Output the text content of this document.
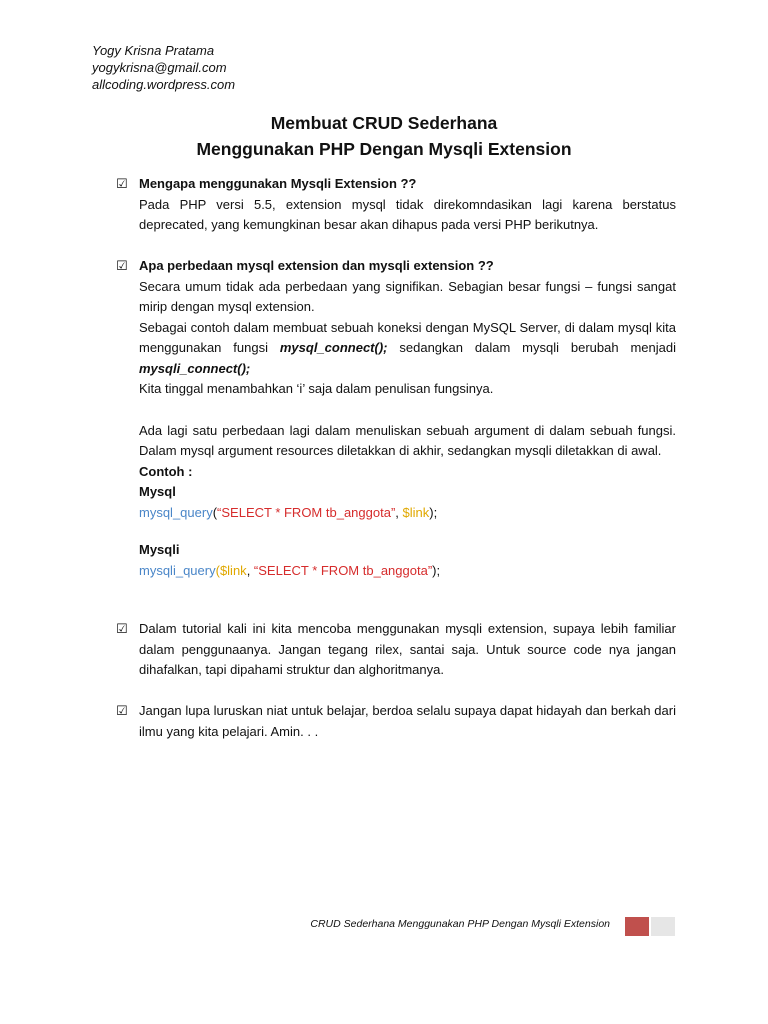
Yogy Krisna Pratama
yogykrisna@gmail.com
allcoding.wordpress.com
Membuat CRUD Sederhana
Menggunakan PHP Dengan Mysqli Extension
☑ Mengapa menggunakan Mysqli Extension ??

Pada PHP versi 5.5, extension mysql tidak direkomndasikan lagi karena berstatus deprecated, yang kemungkinan besar akan dihapus pada versi PHP berikutnya.

☑ Apa perbedaan mysql extension dan mysqli extension ??

Secara umum tidak ada perbedaan yang signifikan. Sebagian besar fungsi – fungsi sangat mirip dengan mysql extension.

Sebagai contoh dalam membuat sebuah koneksi dengan MySQL Server, di dalam mysql kita menggunakan fungsi mysql_connect(); sedangkan dalam mysqli berubah menjadi mysqli_connect();

Kita tinggal menambahkan ‘i’ saja dalam penulisan fungsinya.

Ada lagi satu perbedaan lagi dalam menuliskan sebuah argument di dalam sebuah fungsi. Dalam mysql argument resources diletakkan di akhir, sedangkan mysqli diletakkan di awal.

Contoh :

Mysql

mysql_query(“SELECT * FROM tb_anggota”, $link);

Mysqli

mysqli_query($link, “SELECT * FROM tb_anggota”);

☑ Dalam tutorial kali ini kita mencoba menggunakan mysqli extension, supaya lebih familiar dalam penggunaanya. Jangan tegang rilex, santai saja. Untuk source code nya jangan dihafalkan, tapi dipahami struktur dan alghoritmanya.

☑ Jangan lupa luruskan niat untuk belajar, berdoa selalu supaya dapat hidayah dan berkah dari ilmu yang kita pelajari. Amin. . .

CRUD Sederhana Menggunakan PHP Dengan Mysqli Extension
